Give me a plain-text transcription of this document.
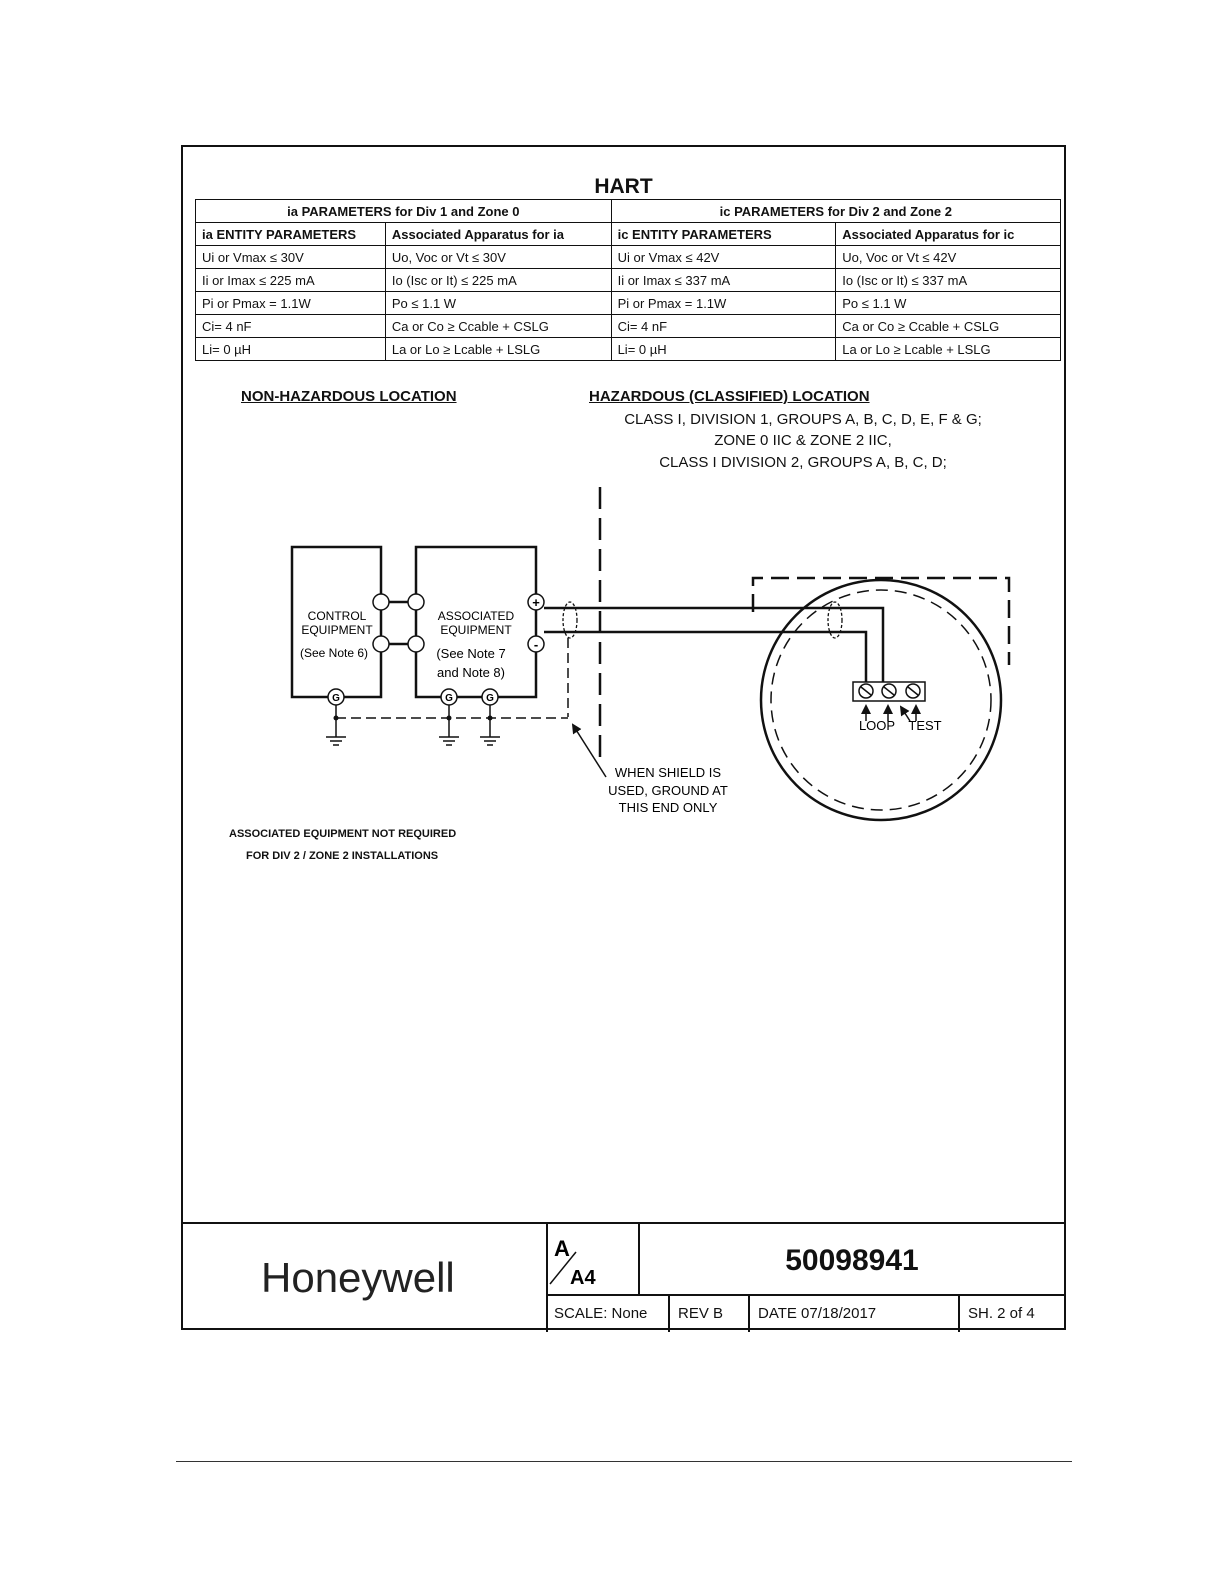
HART
ia PARAMETERS for Div 1 and Zone 0		ic PARAMETERS for Div 2 and Zone 2	
ia ENTITY PARAMETERS	Associated Apparatus for ia	ic ENTITY PARAMETERS	Associated Apparatus for ic
Ui or Vmax ≤ 30V	Uo, Voc or Vt ≤ 30V	Ui or Vmax ≤ 42V	Uo, Voc or Vt ≤ 42V
Ii or Imax ≤ 225 mA	Io (Isc or It) ≤ 225 mA	Ii or Imax ≤ 337 mA	Io (Isc or It) ≤ 337 mA
Pi or Pmax = 1.1W	Po ≤ 1.1 W	Pi or Pmax = 1.1W	Po ≤ 1.1 W
Ci= 4 nF	Ca or Co ≥ Ccable + CSLG	Ci= 4 nF	Ca or Co ≥ Ccable + CSLG
Li= 0 µH	La or Lo ≥ Lcable + LSLG	Li= 0 µH	La or Lo ≥ Lcable + LSLG
NON-HAZARDOUS LOCATION	HAZARDOUS (CLASSIFIED) LOCATION
CLASS I, DIVISION 1, GROUPS A, B, C, D, E, F & G;
ZONE 0 IIC & ZONE 2 IIC,
CLASS I DIVISION 2, GROUPS A, B, C, D;
CONTROL
EQUIPMENT
(See Note 6)
ASSOCIATED
EQUIPMENT
(See Note 7
and Note 8)
+
-
G	G	G
WHEN SHIELD IS
USED, GROUND AT
THIS END ONLY
LOOP TEST
ASSOCIATED EQUIPMENT NOT REQUIRED
FOR DIV 2 / ZONE 2 INSTALLATIONS
Honeywell
A
A4
50098941
SCALE: None	REV B	DATE 07/18/2017	SH. 2 of 4
